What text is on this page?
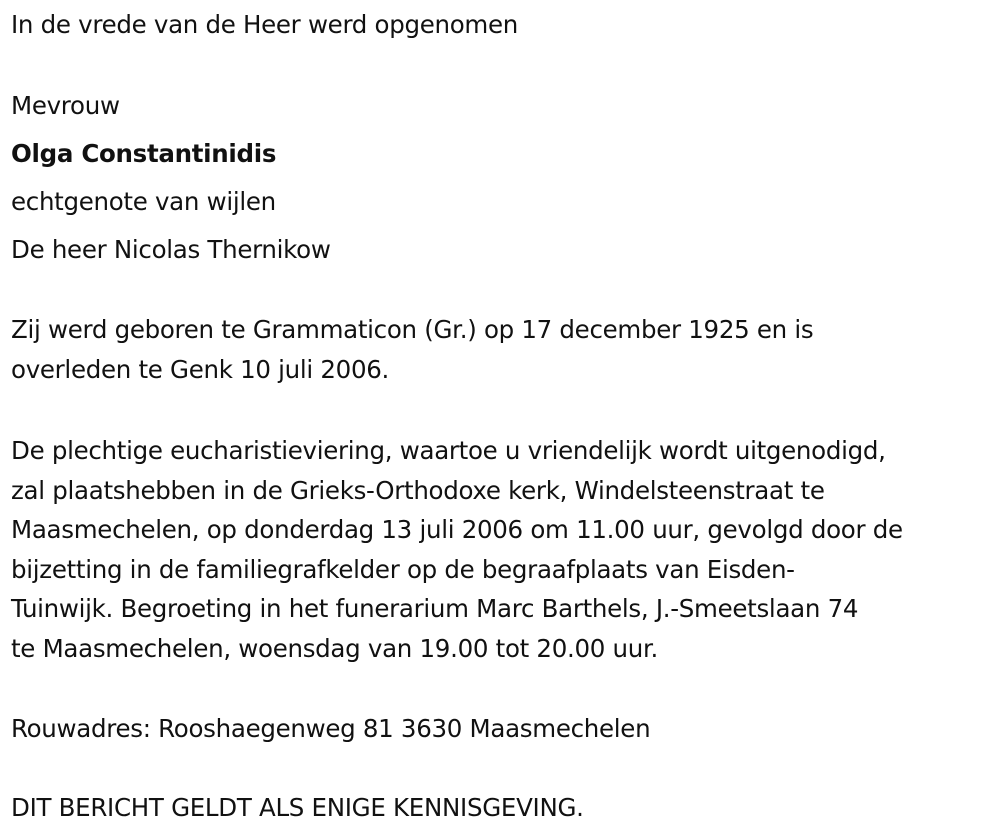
In de vrede van de Heer werd opgenomen
Mevrouw
Olga Constantinidis
echtgenote van wijlen
De heer Nicolas Thernikow
Zij werd geboren te Grammaticon (Gr.) op 17 december 1925 en is
overleden te Genk 10 juli 2006.
De plechtige eucharistieviering, waartoe u vriendelijk wordt uitgenodigd,
zal plaatshebben in de Grieks-Orthodoxe kerk, Windelsteenstraat te
Maasmechelen, op donderdag 13 juli 2006 om 11.00 uur, gevolgd door de
bijzetting in de familiegrafkelder op de begraafplaats van Eisden-
Tuinwijk. Begroeting in het funerarium Marc Barthels, J.-Smeetslaan 74
te Maasmechelen, woensdag van 19.00 tot 20.00 uur.
Rouwadres: Rooshaegenweg 81 3630 Maasmechelen
DIT BERICHT GELDT ALS ENIGE KENNISGEVING.
